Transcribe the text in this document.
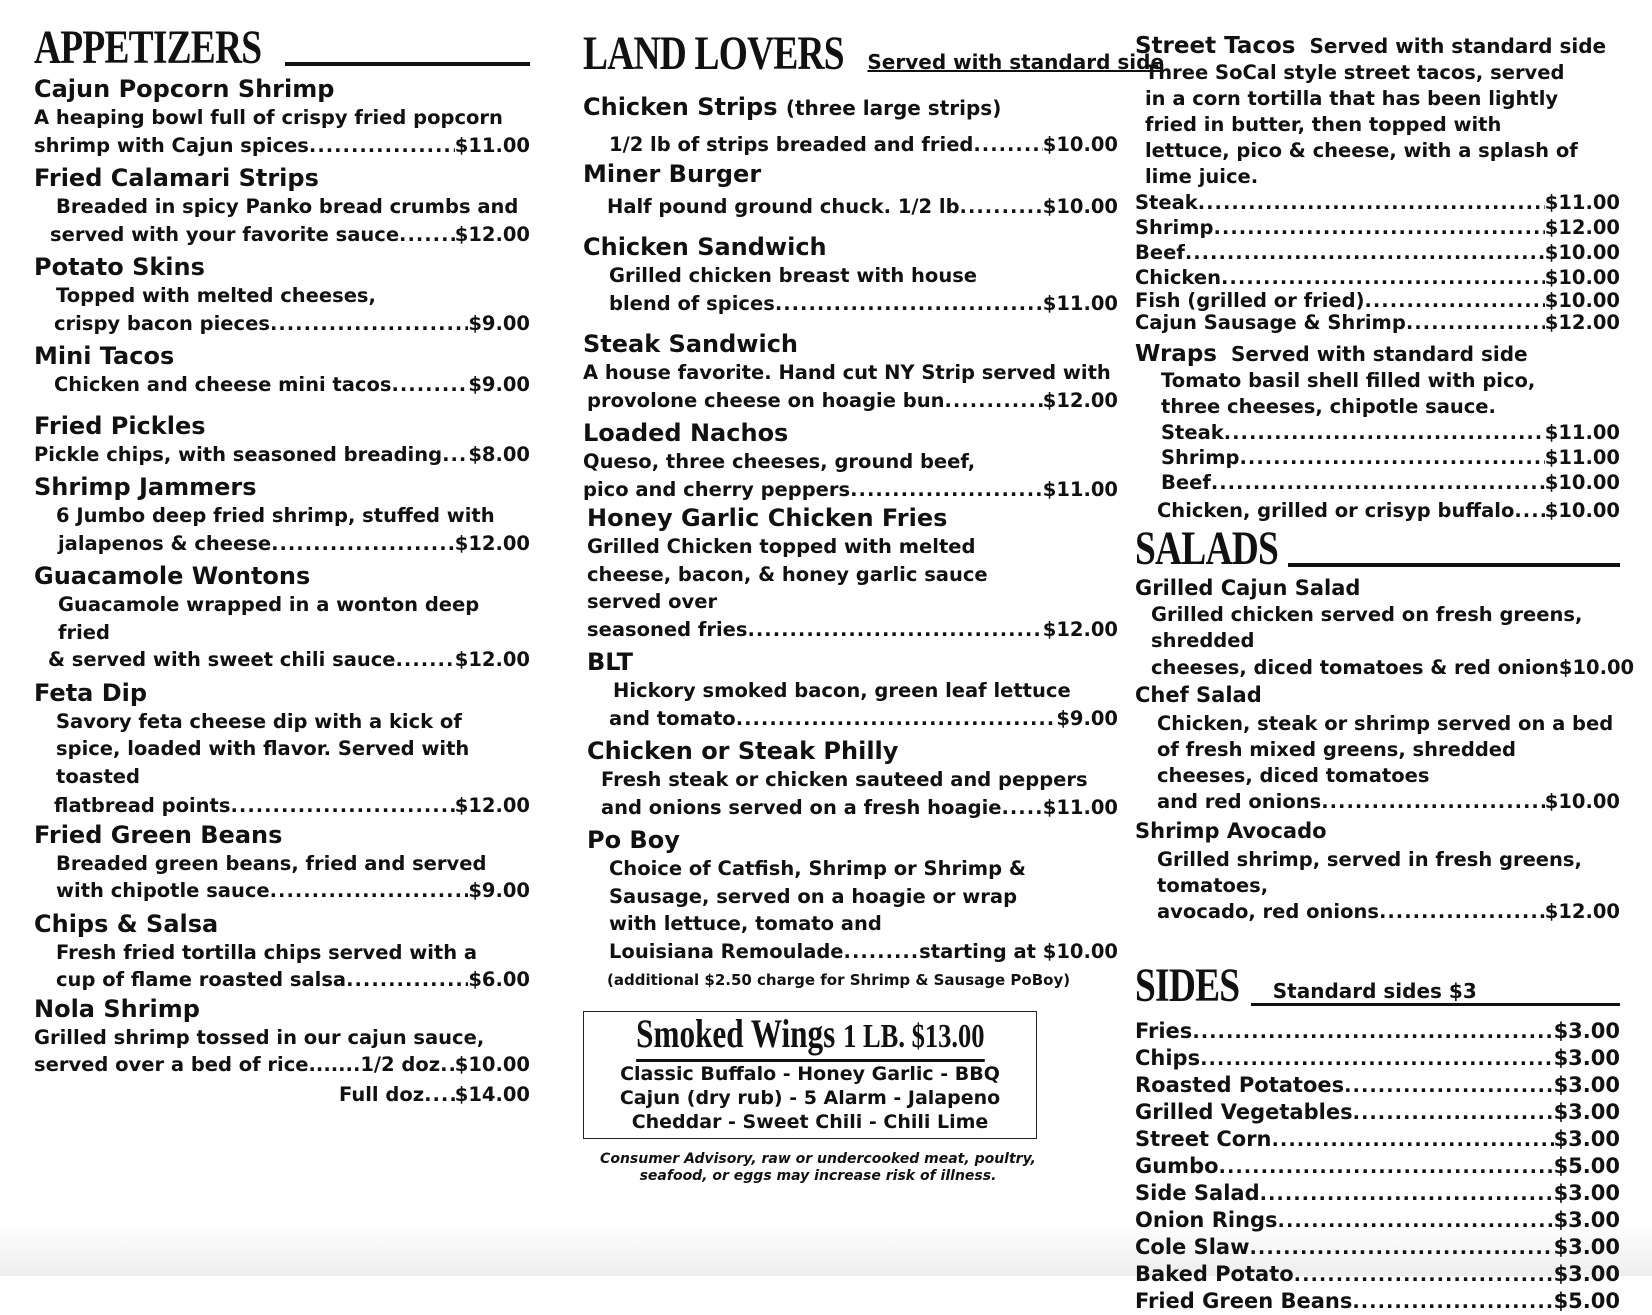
APPETIZERS
Cajun Popcorn Shrimp
A heaping bowl full of crispy fried popcorn
shrimp with Cajun spices .....	$11.00
Fried Calamari Strips
Breaded in spicy Panko bread crumbs and
served with your favorite sauce .....	$12.00
Potato Skins
Topped with melted cheeses,
crispy bacon pieces .....	$9.00
Mini Tacos
Chicken and cheese mini tacos .....	$9.00
Fried Pickles
Pickle chips, with seasoned breading ..... $8.00
Shrimp Jammers
6 Jumbo deep fried shrimp, stuffed with
jalapenos & cheese .....	$12.00
Guacamole Wontons
Guacamole wrapped in a wonton deep fried
& served with sweet chili sauce .....	$12.00
Feta Dip
Savory feta cheese dip with a kick of spice, loaded with flavor. Served with toasted
flatbread points .....	$12.00
Fried Green Beans
Breaded green beans, fried and served
with chipotle sauce .....	$9.00
Chips & Salsa
Fresh fried tortilla chips served with a
cup of flame roasted salsa .....	$6.00
Nola Shrimp
Grilled shrimp tossed in our cajun sauce,
served over a bed of rice.......1/2 doz ..... $10.00
Full doz ..... $14.00
LAND LOVERS Served with standard side
Chicken Strips (three large strips)
1/2 lb of strips breaded and fried .....	$10.00
Miner Burger
Half pound ground chuck. 1/2 lb .....	$10.00
Chicken Sandwich
Grilled chicken breast with house
blend of spices .....	$11.00
Steak Sandwich
A house favorite. Hand cut NY Strip served with
provolone cheese on hoagie bun .....	$12.00
Loaded Nachos
Queso, three cheeses, ground beef,
pico and cherry peppers .....	$11.00
Honey Garlic Chicken Fries
Grilled Chicken topped with melted cheese, bacon, & honey garlic sauce served over
seasoned fries .....	$12.00
BLT
Hickory smoked bacon, green leaf lettuce
and tomato .....	$9.00
Chicken or Steak Philly
Fresh steak or chicken sauteed and peppers
and onions served on a fresh hoagie ..... $11.00
Po Boy
Choice of Catfish, Shrimp or Shrimp & Sausage, served on a hoagie or wrap with lettuce, tomato and
Louisiana Remoulade .....	starting at $10.00
(additional $2.50 charge for Shrimp & Sausage PoBoy)
Smoked Wings 1 LB. $13.00
Classic Buffalo - Honey Garlic - BBQ
Cajun (dry rub) - 5 Alarm - Jalapeno
Cheddar - Sweet Chili - Chili Lime
Consumer Advisory, raw or undercooked meat, poultry, seafood, or eggs may increase risk of illness.
Street Tacos Served with standard side
Three SoCal style street tacos, served in a corn tortilla that has been lightly fried in butter, then topped with lettuce, pico & cheese, with a splash of lime juice.
Steak .....	$11.00
Shrimp .....	$12.00
Beef .....	$10.00
Chicken .....	$10.00
Fish (grilled or fried) .....	$10.00
Cajun Sausage & Shrimp .....	$12.00
Wraps Served with standard side
Tomato basil shell filled with pico, three cheeses, chipotle sauce.
Steak .....	$11.00
Shrimp .....	$11.00
Beef .....	$10.00
Chicken, grilled or crisyp buffalo ..... $10.00
SALADS
Grilled Cajun Salad
Grilled chicken served on fresh greens, shredded
cheeses, diced tomatoes & red onion $10.00
Chef Salad
Chicken, steak or shrimp served on a bed of fresh mixed greens, shredded cheeses, diced tomatoes
and red onions .....	$10.00
Shrimp Avocado
Grilled shrimp, served in fresh greens, tomatoes,
avocado, red onions .....	$12.00
SIDES	Standard sides $3
Fries .....	$3.00
Chips .....	$3.00
Roasted Potatoes .....	$3.00
Grilled Vegetables .....	$3.00
Street Corn .....	$3.00
Gumbo .....	$5.00
Side Salad .....	$3.00
Onion Rings .....	$3.00
Cole Slaw .....	$3.00
Baked Potato .....	$3.00
Fried Green Beans .....	$5.00
